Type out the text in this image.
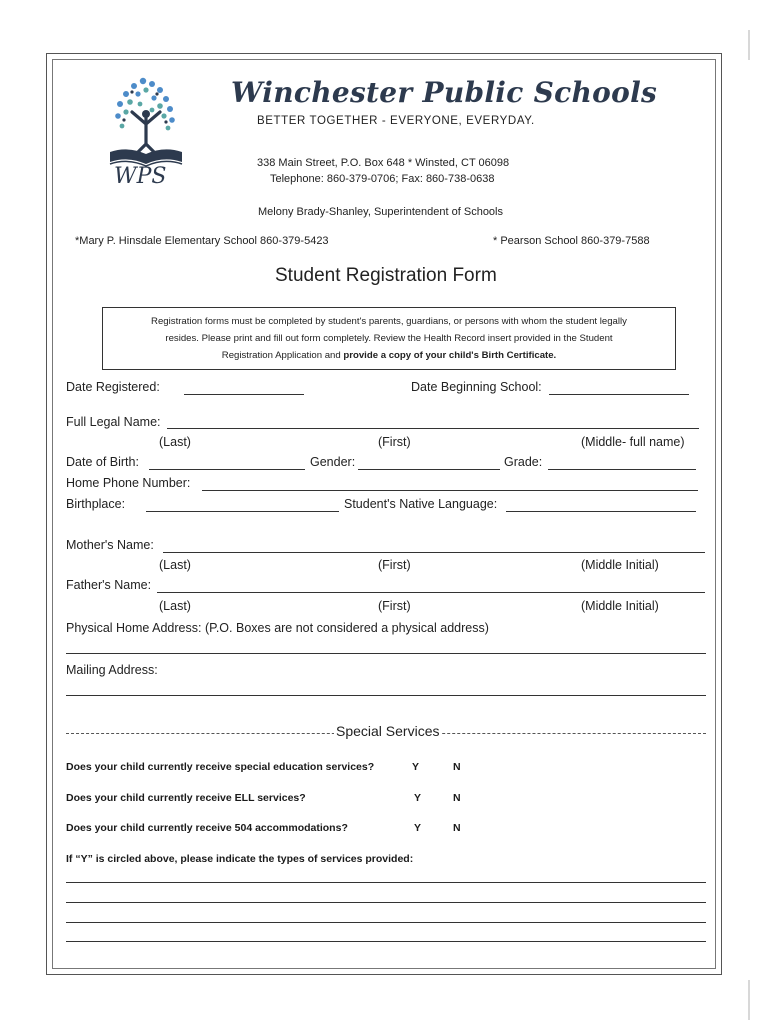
WPS
Winchester Public Schools
BETTER TOGETHER - EVERYONE, EVERYDAY.
338 Main Street, P.O. Box 648 * Winsted, CT 06098
Telephone: 860-379-0706; Fax: 860-738-0638
Melony Brady-Shanley, Superintendent of Schools
*Mary P. Hinsdale Elementary School 860-379-5423	* Pearson School 860-379-7588
Student Registration Form
Registration forms must be completed by student's parents, guardians, or persons with whom the student legally
resides. Please print and fill out form completely. Review the Health Record insert provided in the Student
Registration Application and provide a copy of your child's Birth Certificate.
Date Registered:	Date Beginning School:
Full Legal Name:
(Last)	(First)	(Middle- full name)
Date of Birth:	Gender:	Grade:
Home Phone Number:
Birthplace:	Student's Native Language:
Mother's Name:
(Last)	(First)	(Middle Initial)
Father's Name:
(Last)	(First)	(Middle Initial)
Physical Home Address: (P.O. Boxes are not considered a physical address)
Mailing Address:
Special Services
Does your child currently receive special education services?	Y	N
Does your child currently receive ELL services?	Y	N
Does your child currently receive 504 accommodations?	Y	N
If “Y” is circled above, please indicate the types of services provided:
